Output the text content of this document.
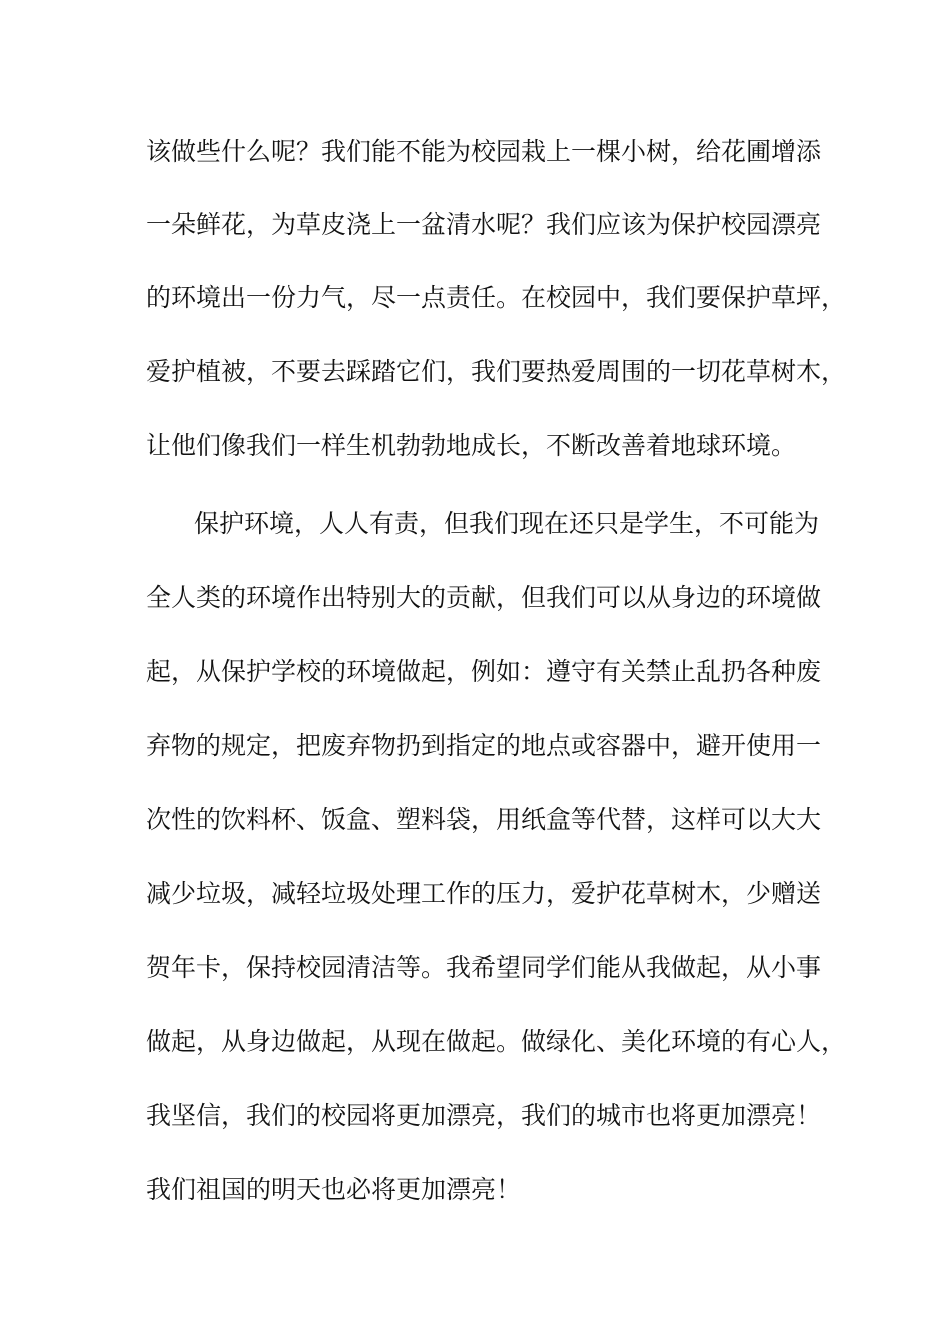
该做些什么呢？我们能不能为校园栽上一棵小树，给花圃增添
一朵鲜花，为草皮浇上一盆清水呢？我们应该为保护校园漂亮
的环境出一份力气，尽一点责任。在校园中，我们要保护草坪，
爱护植被，不要去踩踏它们，我们要热爱周围的一切花草树木，
让他们像我们一样生机勃勃地成长，不断改善着地球环境。
保护环境，人人有责，但我们现在还只是学生，不可能为
全人类的环境作出特别大的贡献，但我们可以从身边的环境做
起，从保护学校的环境做起，例如：遵守有关禁止乱扔各种废
弃物的规定，把废弃物扔到指定的地点或容器中，避开使用一
次性的饮料杯、饭盒、塑料袋，用纸盒等代替，这样可以大大
减少垃圾，减轻垃圾处理工作的压力，爱护花草树木，少赠送
贺年卡，保持校园清洁等。我希望同学们能从我做起，从小事
做起，从身边做起，从现在做起。做绿化、美化环境的有心人，
我坚信，我们的校园将更加漂亮，我们的城市也将更加漂亮！
我们祖国的明天也必将更加漂亮！
